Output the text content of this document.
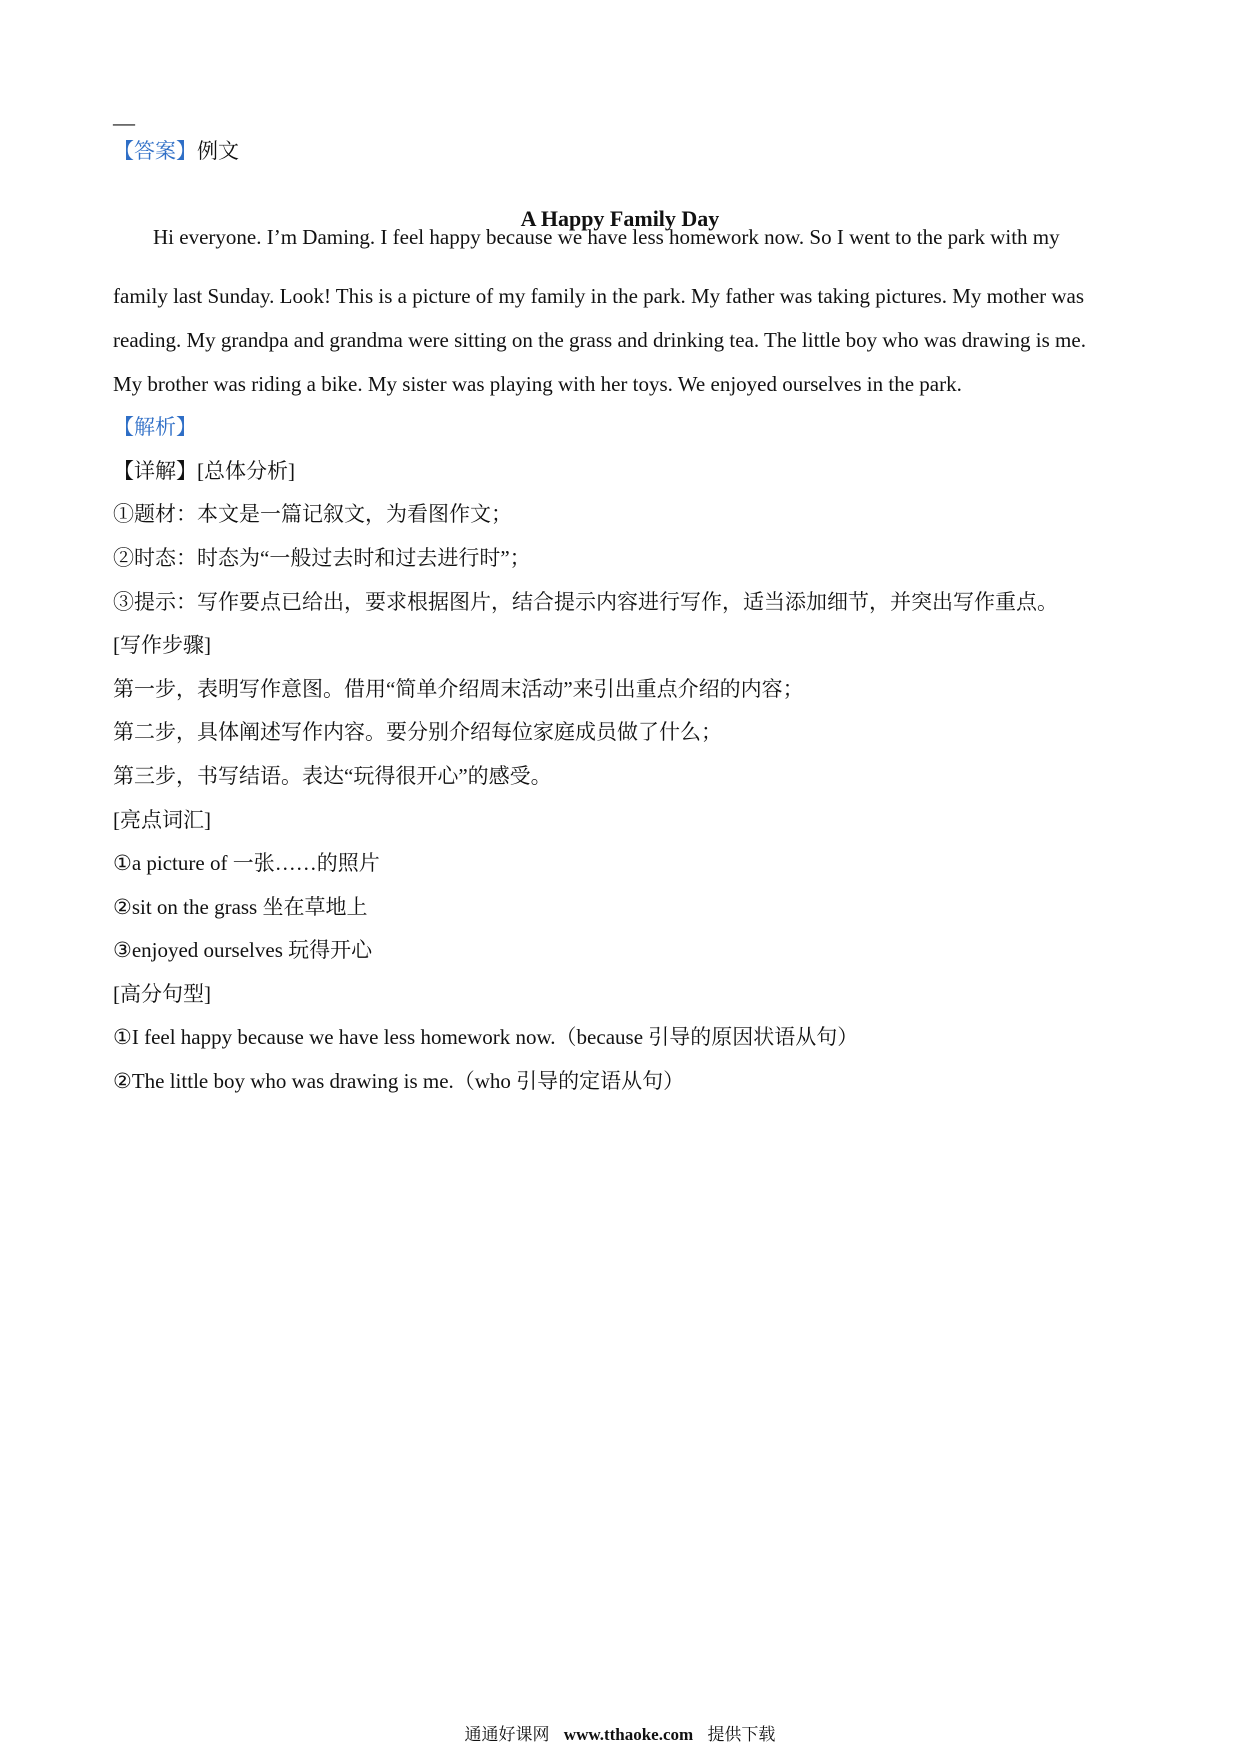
—
【答案】例文
A Happy Family Day
Hi everyone. I’m Daming. I feel happy because we have less homework now. So I went to the park with my
family last Sunday. Look! This is a picture of my family in the park. My father was taking pictures. My mother was
reading. My grandpa and grandma were sitting on the grass and drinking tea. The little boy who was drawing is me.
My brother was riding a bike. My sister was playing with her toys. We enjoyed ourselves in the park.
【解析】
【详解】[总体分析]
①题材：本文是一篇记叙文，为看图作文；
②时态：时态为“一般过去时和过去进行时”；
③提示：写作要点已给出，要求根据图片，结合提示内容进行写作，适当添加细节，并突出写作重点。
[写作步骤]
第一步，表明写作意图。借用“简单介绍周末活动”来引出重点介绍的内容；
第二步，具体阐述写作内容。要分别介绍每位家庭成员做了什么；
第三步，书写结语。表达“玩得很开心”的感受。
[亮点词汇]
①a picture of 一张……的照片
②sit on the grass 坐在草地上
③enjoyed ourselves 玩得开心
[高分句型]
①I feel happy because we have less homework now.（because 引导的原因状语从句）
②The little boy who was drawing is me.（who 引导的定语从句）
通通好课网 www.tthaoke.com 提供下载
